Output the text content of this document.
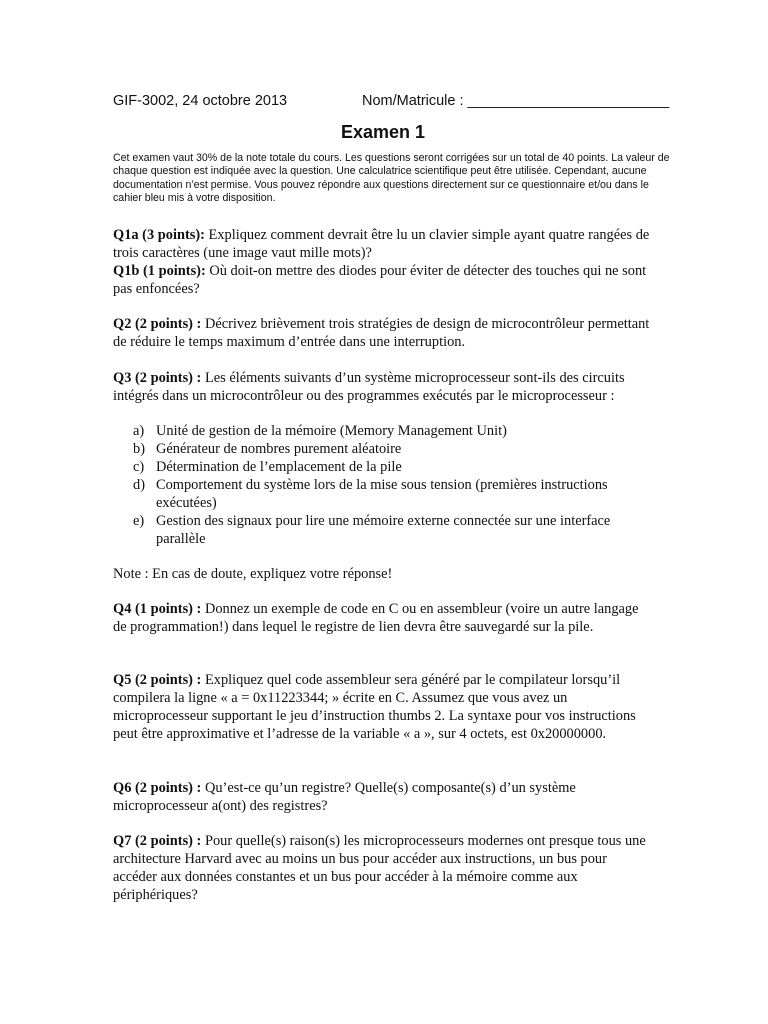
GIF-3002, 24 octobre 2013	Nom/Matricule : _________________________
Examen 1
Cet examen vaut 30% de la note totale du cours. Les questions seront corrigées sur un total de 40 points. La valeur de chaque question est indiquée avec la question. Une calculatrice scientifique peut être utilisée. Cependant, aucune documentation n’est permise. Vous pouvez répondre aux questions directement sur ce questionnaire et/ou dans le cahier bleu mis à votre disposition.
Q1a (3 points): Expliquez comment devrait être lu un clavier simple ayant quatre rangées de trois caractères (une image vaut mille mots)?
Q1b (1 points): Où doit-on mettre des diodes pour éviter de détecter des touches qui ne sont pas enfoncées?
Q2 (2 points) : Décrivez brièvement trois stratégies de design de microcontrôleur permettant de réduire le temps maximum d’entrée dans une interruption.
Q3 (2 points) : Les éléments suivants d’un système microprocesseur sont-ils des circuits intégrés dans un microcontrôleur ou des programmes exécutés par le microprocesseur :
a) Unité de gestion de la mémoire (Memory Management Unit)
b) Générateur de nombres purement aléatoire
c) Détermination de l’emplacement de la pile
d) Comportement du système lors de la mise sous tension (premières instructions exécutées)
e) Gestion des signaux pour lire une mémoire externe connectée sur une interface parallèle
Note : En cas de doute, expliquez votre réponse!
Q4 (1 points) : Donnez un exemple de code en C ou en assembleur (voire un autre langage de programmation!) dans lequel le registre de lien devra être sauvegardé sur la pile.
Q5 (2 points) : Expliquez quel code assembleur sera généré par le compilateur lorsqu’il compilera la ligne « a = 0x11223344; » écrite en C. Assumez que vous avez un microprocesseur supportant le jeu d’instruction thumbs 2. La syntaxe pour vos instructions peut être approximative et l’adresse de la variable « a », sur 4 octets, est 0x20000000.
Q6 (2 points) : Qu’est-ce qu’un registre? Quelle(s) composante(s) d’un système microprocesseur a(ont) des registres?
Q7 (2 points) : Pour quelle(s) raison(s) les microprocesseurs modernes ont presque tous une architecture Harvard avec au moins un bus pour accéder aux instructions, un bus pour accéder aux données constantes et un bus pour accéder à la mémoire comme aux périphériques?
